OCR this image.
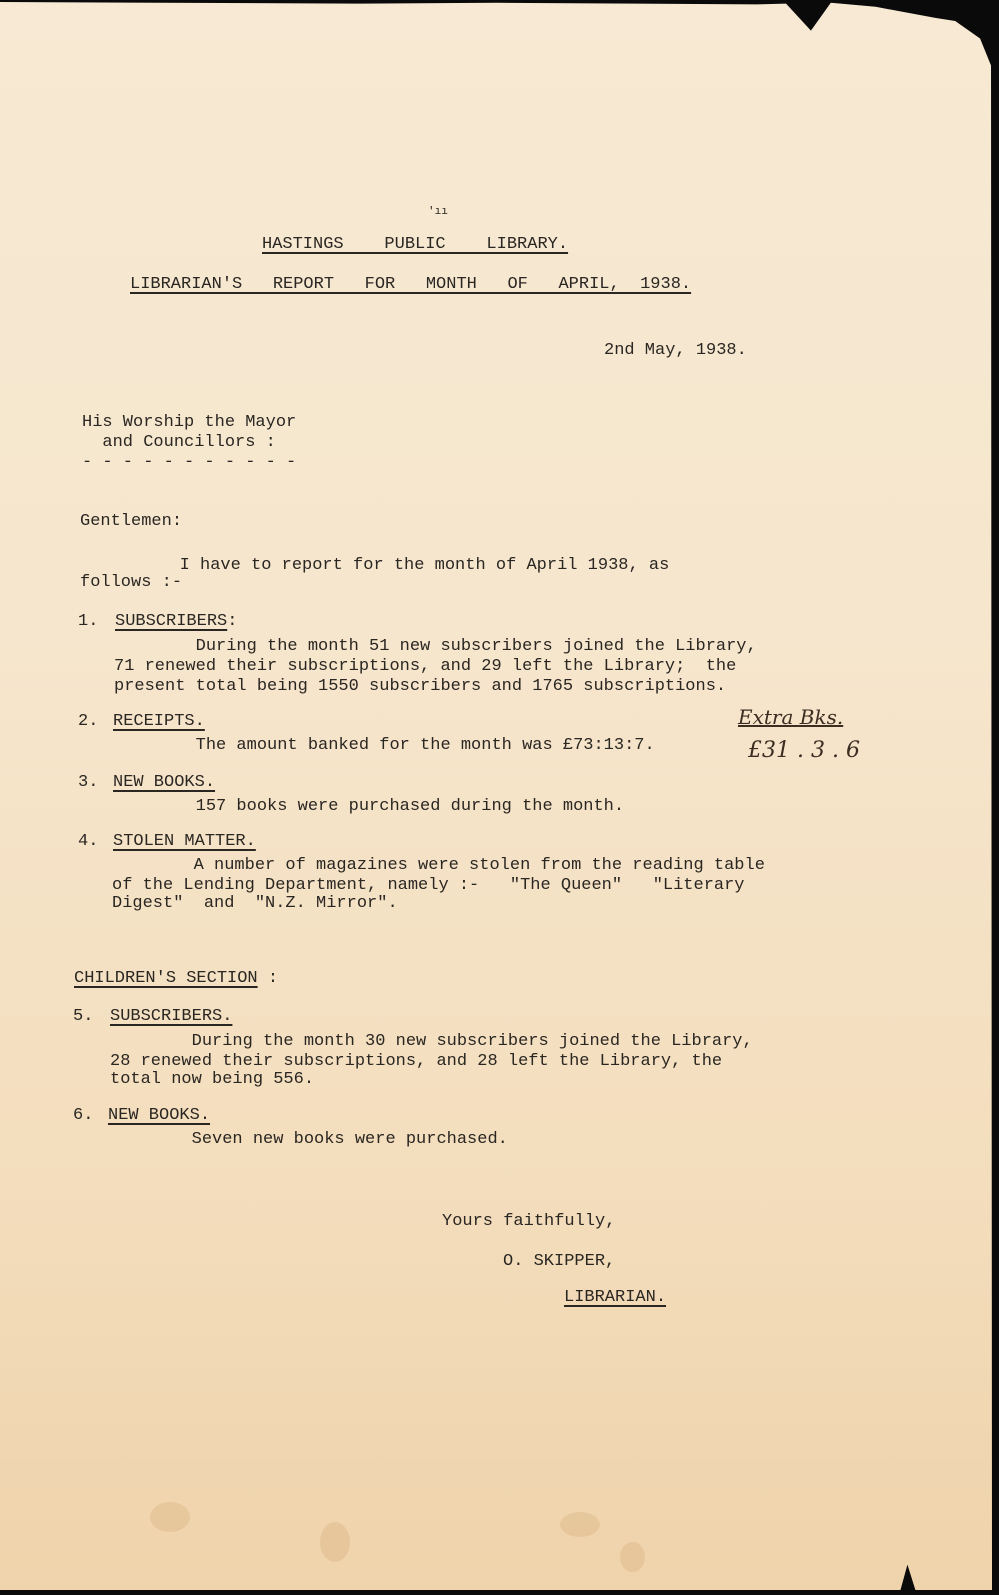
'ıı
HASTINGS    PUBLIC    LIBRARY.
LIBRARIAN'S   REPORT   FOR   MONTH   OF   APRIL,  1938.
2nd May, 1938.
His Worship the Mayor
and Councillors :
- - - - - - - - - - -
Gentlemen:
I have to report for the month of April 1938, as
follows :-
1. SUBSCRIBERS:
During the month 51 new subscribers joined the Library,
71 renewed their subscriptions, and 29 left the Library;  the
present total being 1550 subscribers and 1765 subscriptions.
2. RECEIPTS.
The amount banked for the month was £73:13:7.
Extra Bks.
£31 . 3 . 6
3. NEW BOOKS.
157 books were purchased during the month.
4. STOLEN MATTER.
A number of magazines were stolen from the reading table
of the Lending Department, namely :-   "The Queen"   "Literary
Digest"  and  "N.Z. Mirror".
CHILDREN'S SECTION :
5. SUBSCRIBERS.
During the month 30 new subscribers joined the Library,
28 renewed their subscriptions, and 28 left the Library, the
total now being 556.
6. NEW BOOKS.
Seven new books were purchased.
Yours faithfully,
O. SKIPPER,
LIBRARIAN.
